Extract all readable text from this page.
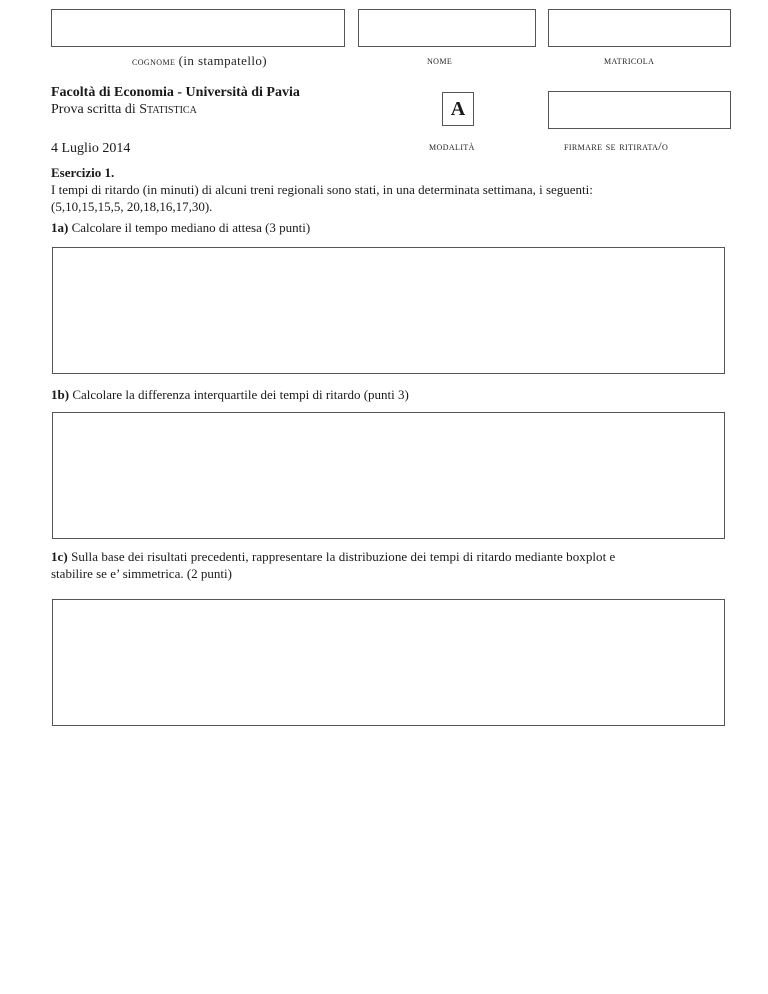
cognome (in stampatello)	nome	matricola
Facoltà di Economia - Università di Pavia
Prova scritta di Statistica
4 Luglio 2014
A
modalità	firmare se ritirata/o
Esercizio 1.
I tempi di ritardo (in minuti) di alcuni treni regionali sono stati, in una determinata settimana, i seguenti:
(5,10,15,15,5, 20,18,16,17,30).
1a) Calcolare il tempo mediano di attesa (3 punti)
1b) Calcolare la differenza interquartile dei tempi di ritardo (punti 3)
1c) Sulla base dei risultati precedenti, rappresentare la distribuzione dei tempi di ritardo mediante boxplot e
stabilire se e’ simmetrica. (2 punti)
